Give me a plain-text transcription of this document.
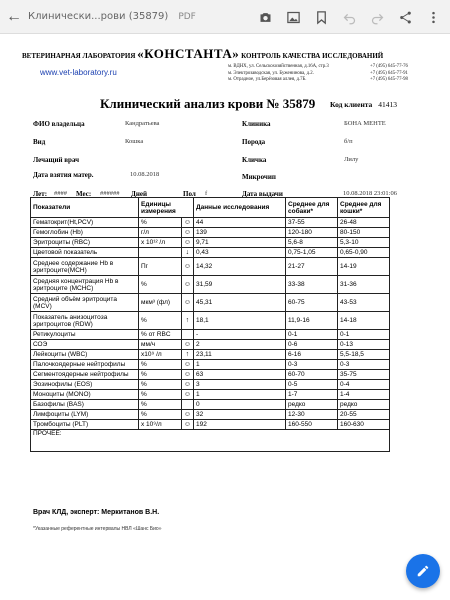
← Клинически...рови (35879) PDF
ВЕТЕРИНАРНАЯ ЛАБОРАТОРИЯ «КОНСТАНТА» КОНТРОЛЬ КАЧЕСТВА ИССЛЕДОВАНИЙ
www.vet-laboratory.ru
м. ВДНХ, ул. Сельскохозяйственная, д.16А, стр.3
м. Электрозаводская, ул. Бужениновa, д.2.
м. Отрадное, ул.Берёзовая аллея, д.7Б.
+7 (495) 645-77-76
+7 (495) 645-77-91
+7 (495) 645-77-98
Клинический анализ крови № 35879 Код клиента 41413
ФИО владельца	Кандратьева
Вид	Кошка
Лечащий врач
Дата взятия матер.	10.08.2018
Клиника	БОНА МЕНТЕ
Порода	б/п
Кличка	Лилу
Микрочип
Лет: #### Мес: ###### Дней	Пол f	Дата выдачи	10.08.2018 23:01:06
Показатели	Единицы измерения		Данные исследования	Среднее для собаки*	Среднее для кошки*
Гематокрит(Ht,PCV)	%	☺	44	37-55	26-48
Гемоглобин (Hb)	г/л	☺	139	120-180	80-150
Эритроциты (RBC)	x 10¹² /л	☺	9,71	5,6-8	5,3-10
Цветовой показатель		↓	0,43	0,75-1,05	0,65-0,90
Среднее содержание Hb в эритроците(MCH)	Пг	☺	14,32	21-27	14-19
Средняя концентрация Hb в эритроците (MCHC)	%	☺	31,59	33-38	31-36
Средний объём эритроцита (MCV)	мкм³ (фл)	☺	45,31	60-75	43-53
Показатель анизоцитоза эритроцитов (RDW)	%	↑	18,1	11,9-16	14-18
Ретикулоциты	% от RBC		-	0-1	0-1
СОЭ	мм/ч	☺	2	0-6	0-13
Лейкоциты (WBC)	x10⁹ /л	↑	23,11	6-16	5,5-18,5
Палочкоядерные нейтрофилы	%	☺	1	0-3	0-3
Сегментоядерные нейтрофилы	%	☺	63	60-70	35-75
Эозинофилы (EOS)	%	☺	3	0-5	0-4
Моноциты (MONO)	%	☺	1	1-7	1-4
Базофилы (BAS)	%		0	редко	редко
Лимфоциты (LYM)	%	☺	32	12-30	20-55
Тромбоциты (PLT)	x 10⁹/л	☺	192	160-550	160-630
ПРОЧЕЕ:					
Врач КЛД, эксперт: Меркитанов В.Н.
*Указанные референтные интервалы НВЛ «Шанс Био»
